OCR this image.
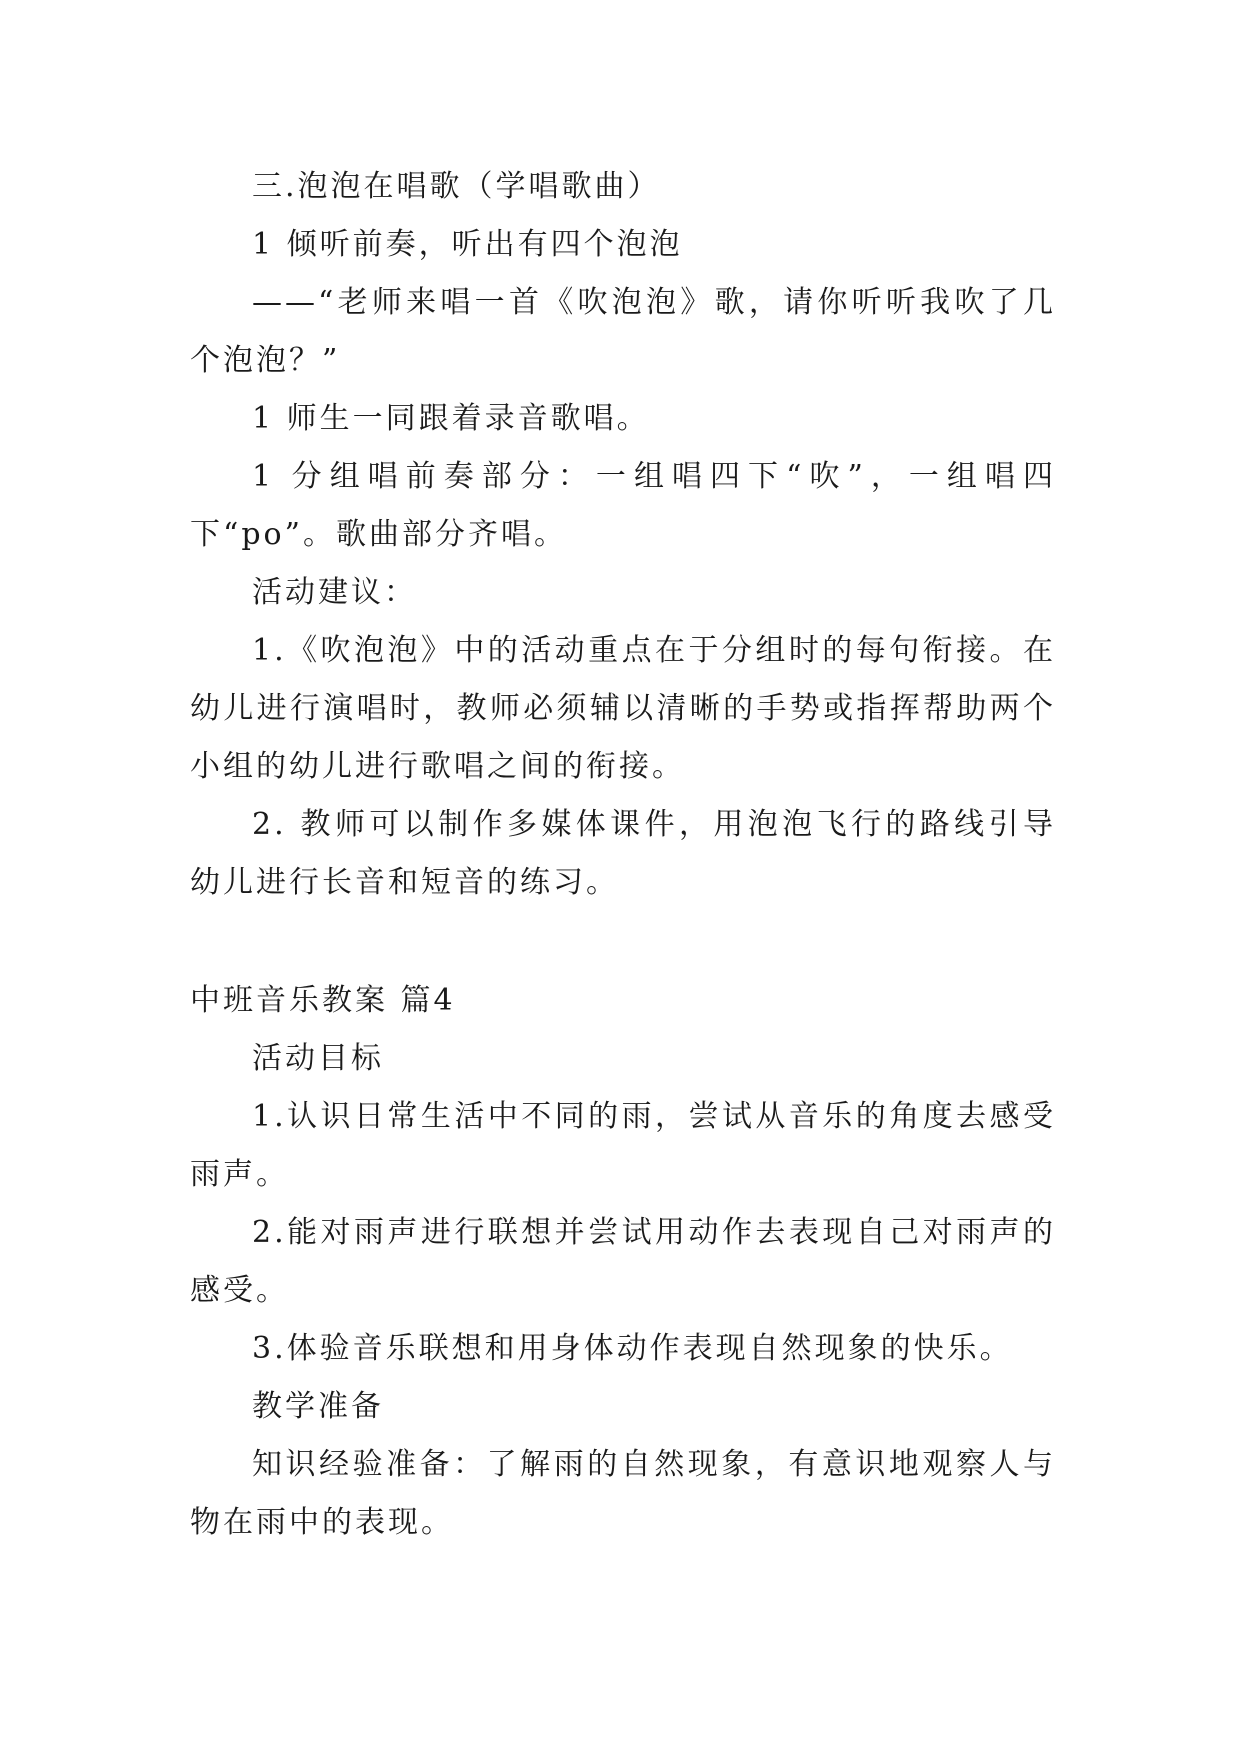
三.泡泡在唱歌（学唱歌曲）

1 倾听前奏，听出有四个泡泡

——“老师来唱一首《吹泡泡》歌，请你听听我吹了几个泡泡？”

1 师生一同跟着录音歌唱。

1 分组唱前奏部分：一组唱四下“吹”，一组唱四下“po”。歌曲部分齐唱。

活动建议：

1.《吹泡泡》中的活动重点在于分组时的每句衔接。在幼儿进行演唱时，教师必须辅以清晰的手势或指挥帮助两个小组的幼儿进行歌唱之间的衔接。

2. 教师可以制作多媒体课件，用泡泡飞行的路线引导幼儿进行长音和短音的练习。

中班音乐教案 篇4

活动目标

1.认识日常生活中不同的雨，尝试从音乐的角度去感受雨声。

2.能对雨声进行联想并尝试用动作去表现自己对雨声的感受。

3.体验音乐联想和用身体动作表现自然现象的快乐。

教学准备

知识经验准备：了解雨的自然现象，有意识地观察人与物在雨中的表现。
